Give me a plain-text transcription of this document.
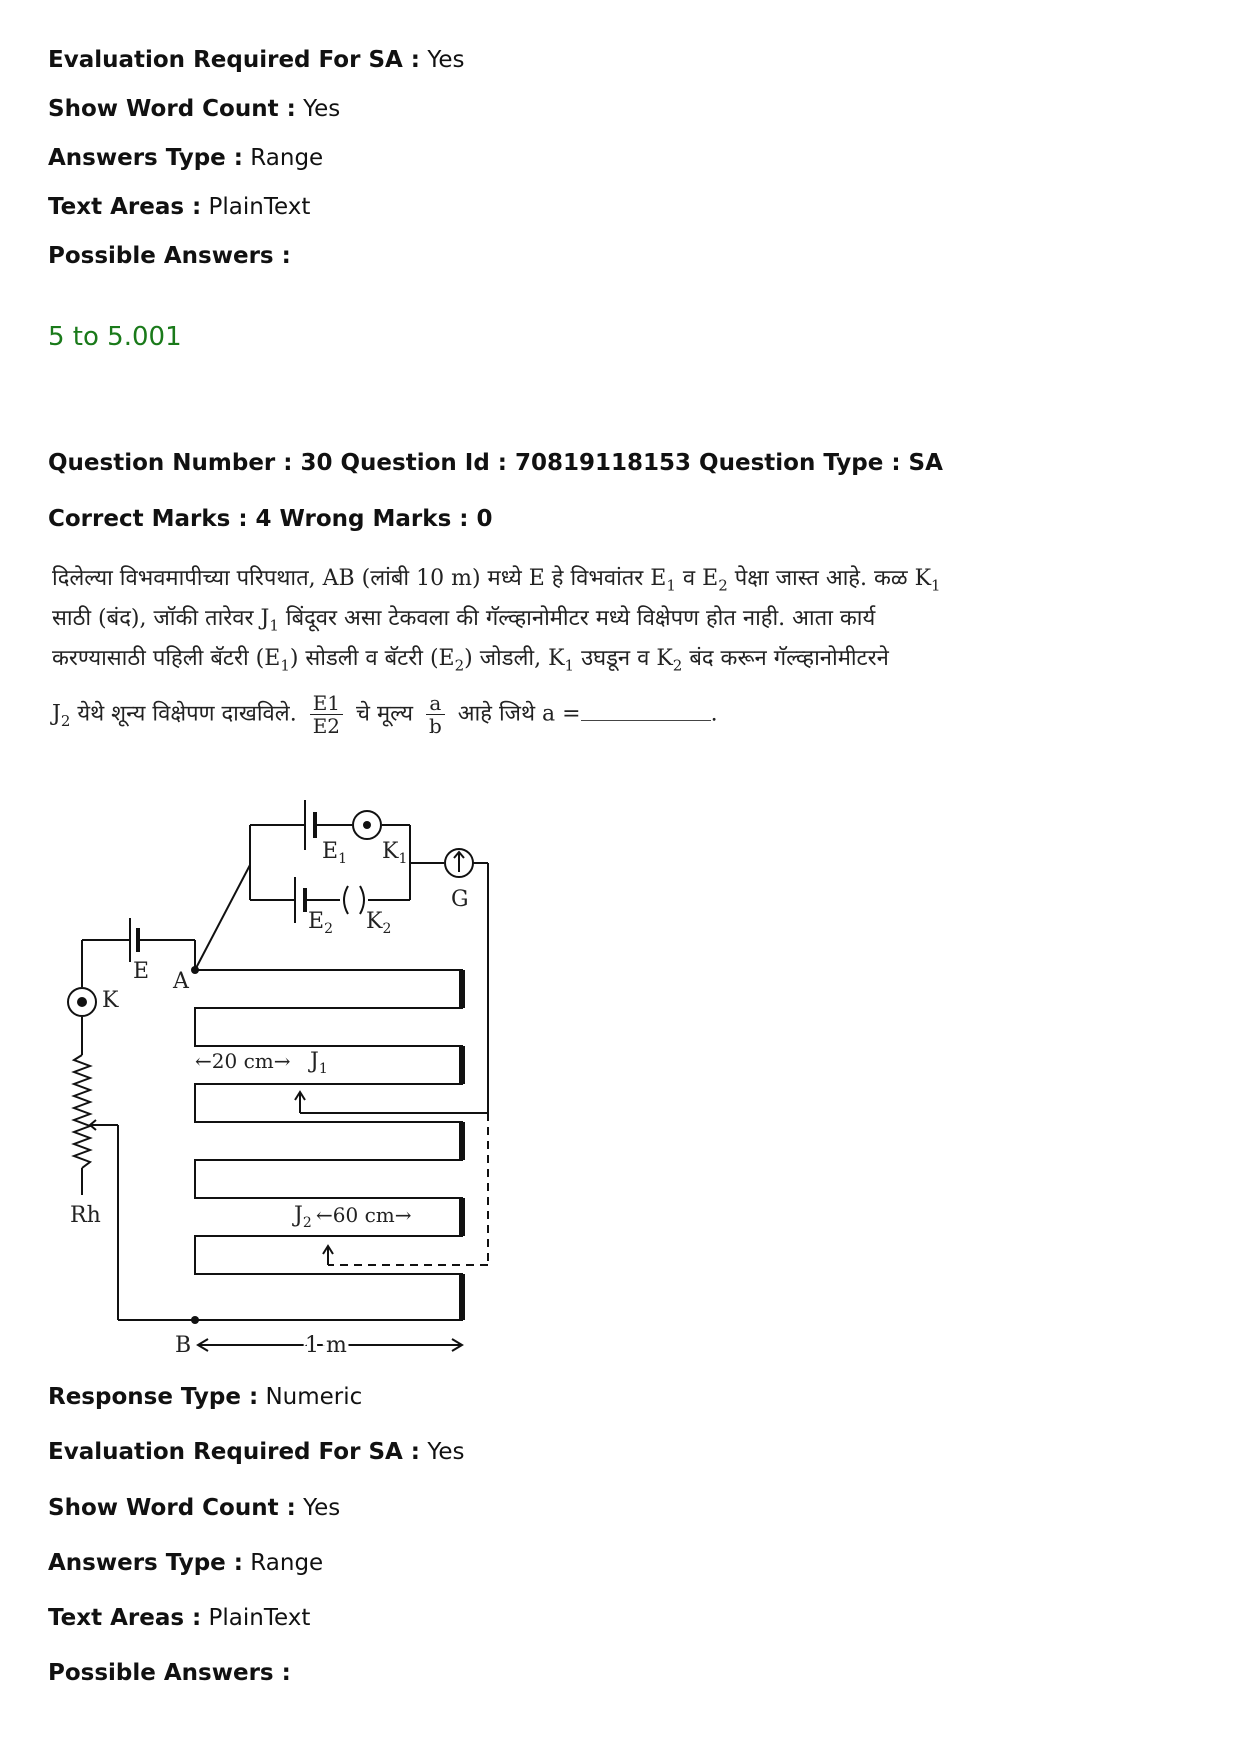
Evaluation Required For SA : Yes
Show Word Count : Yes
Answers Type : Range
Text Areas : PlainText
Possible Answers :
5 to 5.001
Question Number : 30 Question Id : 70819118153 Question Type : SA
Correct Marks : 4 Wrong Marks : 0
दिलेल्या विभवमापीच्या परिपथात, AB (लांबी 10 m) मध्ये E हे विभवांतर $E_1$ व $E_2$ पेक्षा जास्त आहे. कळ $K_1$
साठी (बंद), जॉकी तारेवर $J_1$ बिंदूवर असा टेकवला की गॅल्व्हानोमीटर मध्ये विक्षेपण होत नाही. आता कार्य
करण्यासाठी पहिली बॅटरी $(E_1)$ सोडली व बॅटरी $(E_2)$ जोडली, $K_1$ उघडून व $K_2$ बंद करून गॅल्व्हानोमीटरने
$J_2$ येथे शून्य विक्षेपण दाखविले. $\frac{E1}{E2}$ चे मूल्य $\frac{a}{b}$ आहे जिथे a =	.
$E_1$ $K_1$
$E_2$ $K_2$
G
E A
K
Rh
B
←20 $cm\to J_1$
$J_2$ ←60 cm→
1 m
Response Type : Numeric
Evaluation Required For SA : Yes
Show Word Count : Yes
Answers Type : Range
Text Areas : PlainText
Possible Answers :
